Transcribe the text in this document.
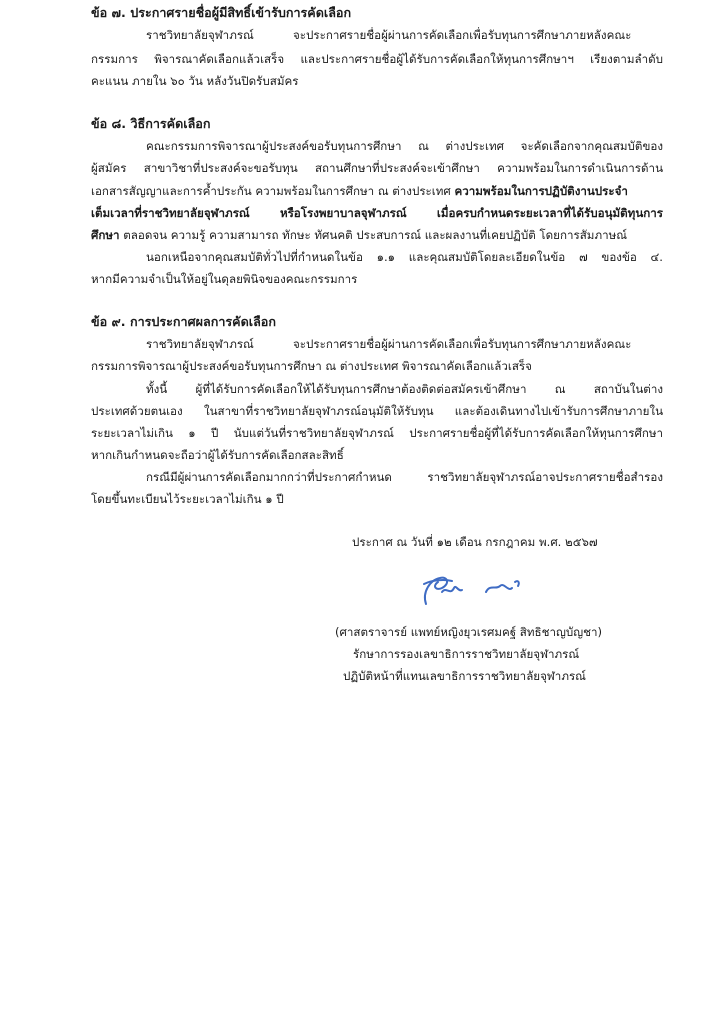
ข้อ ๗. ประกาศรายชื่อผู้มีสิทธิ์เข้ารับการคัดเลือก
ราชวิทยาลัยจุฬาภรณ์	จะประกาศรายชื่อผู้ผ่านการคัดเลือกเพื่อรับทุนการศึกษาภายหลังคณะ
กรรมการ พิจารณาคัดเลือกแล้วเสร็จ และประกาศรายชื่อผู้ได้รับการคัดเลือกให้ทุนการศึกษาฯ เรียงตามลำดับ
คะแนน ภายใน ๖๐ วัน หลังวันปิดรับสมัคร
ข้อ ๘. วิธีการคัดเลือก
คณะกรรมการพิจารณาผู้ประสงค์ขอรับทุนการศึกษา ณ ต่างประเทศ จะคัดเลือกจากคุณสมบัติของ
ผู้สมัคร สาขาวิชาที่ประสงค์จะขอรับทุน สถานศึกษาที่ประสงค์จะเข้าศึกษา ความพร้อมในการดำเนินการด้าน
เอกสารสัญญาและการค้ำประกัน ความพร้อมในการศึกษา ณ ต่างประเทศ ความพร้อมในการปฏิบัติงานประจำ
เต็มเวลาที่ราชวิทยาลัยจุฬาภรณ์ หรือโรงพยาบาลจุฬาภรณ์ เมื่อครบกำหนดระยะเวลาที่ได้รับอนุมัติทุนการ
ศึกษา ตลอดจน ความรู้ ความสามารถ ทักษะ ทัศนคติ ประสบการณ์ และผลงานที่เคยปฏิบัติ โดยการสัมภาษณ์
นอกเหนือจากคุณสมบัติทั่วไปที่กำหนดในข้อ ๑.๑ และคุณสมบัติโดยละเอียดในข้อ ๗ ของข้อ ๔.
หากมีความจำเป็นให้อยู่ในดุลยพินิจของคณะกรรมการ
ข้อ ๙. การประกาศผลการคัดเลือก
ราชวิทยาลัยจุฬาภรณ์	จะประกาศรายชื่อผู้ผ่านการคัดเลือกเพื่อรับทุนการศึกษาภายหลังคณะ
กรรมการพิจารณาผู้ประสงค์ขอรับทุนการศึกษา ณ ต่างประเทศ พิจารณาคัดเลือกแล้วเสร็จ
ทั้งนี้ ผู้ที่ได้รับการคัดเลือกให้ได้รับทุนการศึกษาต้องติดต่อสมัครเข้าศึกษา ณ สถาบันในต่าง
ประเทศด้วยตนเอง ในสาขาที่ราชวิทยาลัยจุฬาภรณ์อนุมัติให้รับทุน และต้องเดินทางไปเข้ารับการศึกษาภายใน
ระยะเวลาไม่เกิน ๑ ปี นับแต่วันที่ราชวิทยาลัยจุฬาภรณ์ ประกาศรายชื่อผู้ที่ได้รับการคัดเลือกให้ทุนการศึกษา
หากเกินกำหนดจะถือว่าผู้ได้รับการคัดเลือกสละสิทธิ์
กรณีมีผู้ผ่านการคัดเลือกมากกว่าที่ประกาศกำหนด ราชวิทยาลัยจุฬาภรณ์อาจประกาศรายชื่อสำรอง
โดยขึ้นทะเบียนไว้ระยะเวลาไม่เกิน ๑ ปี
ประกาศ ณ วันที่ ๑๒ เดือน กรกฎาคม พ.ศ. ๒๕๖๗
(ศาสตราจารย์ แพทย์หญิงยุวเรศมคฐ์ สิทธิชาญบัญชา)
รักษาการรองเลขาธิการราชวิทยาลัยจุฬาภรณ์
ปฏิบัติหน้าที่แทนเลขาธิการราชวิทยาลัยจุฬาภรณ์
